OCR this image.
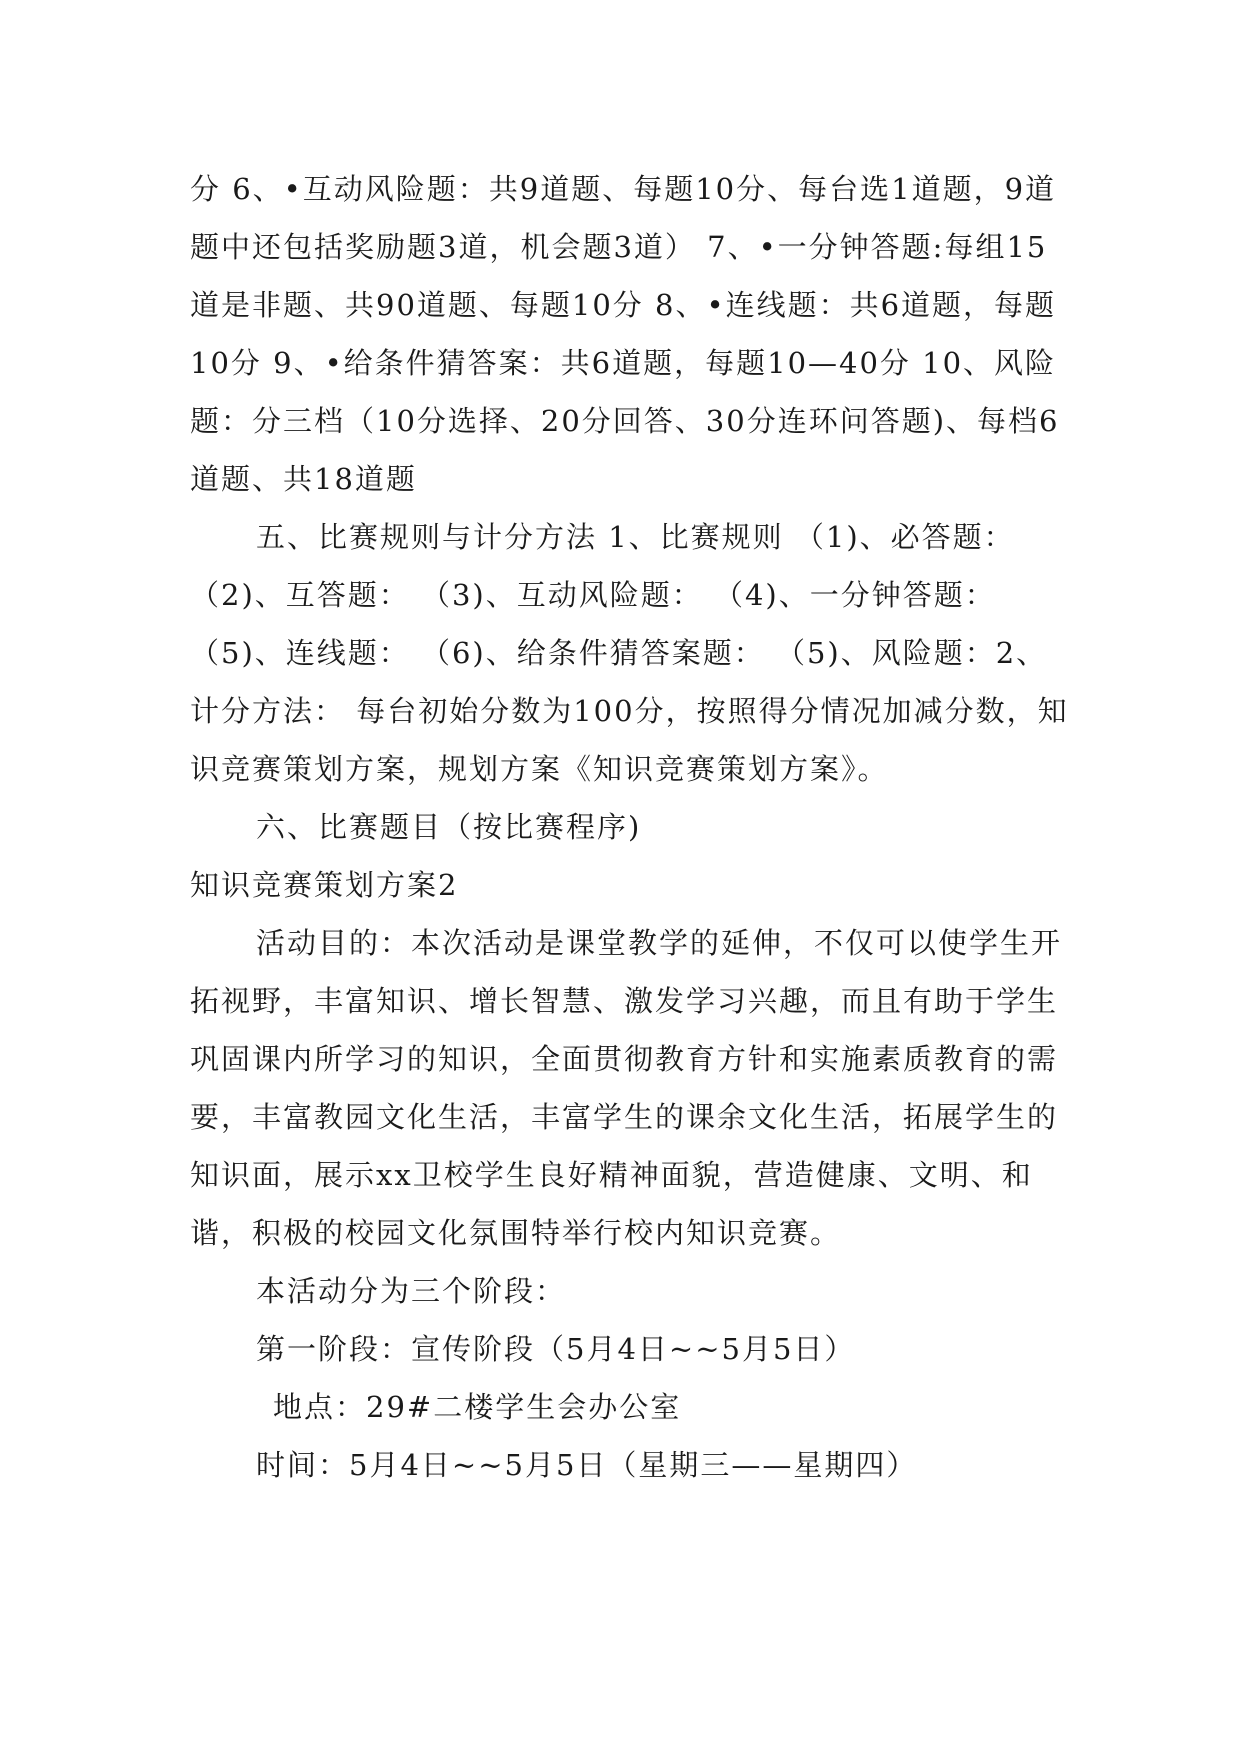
分 6、•互动风险题：共9道题、每题10分、每台选1道题，9道题中还包括奖励题3道，机会题3道） 7、•一分钟答题:每组15道是非题、共90道题、每题10分 8、•连线题：共6道题，每题10分 9、•给条件猜答案：共6道题，每题10—40分 10、风险题：分三档（10分选择、20分回答、30分连环问答题)、每档6道题、共18道题

五、比赛规则与计分方法 1、比赛规则 （1)、必答题：（2)、互答题： （3)、互动风险题： （4)、一分钟答题：（5)、连线题： （6)、给条件猜答案题： （5)、风险题：2、计分方法： 每台初始分数为100分，按照得分情况加减分数，知识竞赛策划方案，规划方案《知识竞赛策划方案》。

六、比赛题目（按比赛程序)

知识竞赛策划方案2

活动目的：本次活动是课堂教学的延伸，不仅可以使学生开拓视野，丰富知识、增长智慧、激发学习兴趣，而且有助于学生巩固课内所学习的知识，全面贯彻教育方针和实施素质教育的需要，丰富教园文化生活，丰富学生的课余文化生活，拓展学生的知识面，展示xx卫校学生良好精神面貌，营造健康、文明、和谐，积极的校园文化氛围特举行校内知识竞赛。

本活动分为三个阶段：

第一阶段：宣传阶段（5月4日~~5月5日）

地点：29#二楼学生会办公室

时间：5月4日~~5月5日（星期三——星期四）
